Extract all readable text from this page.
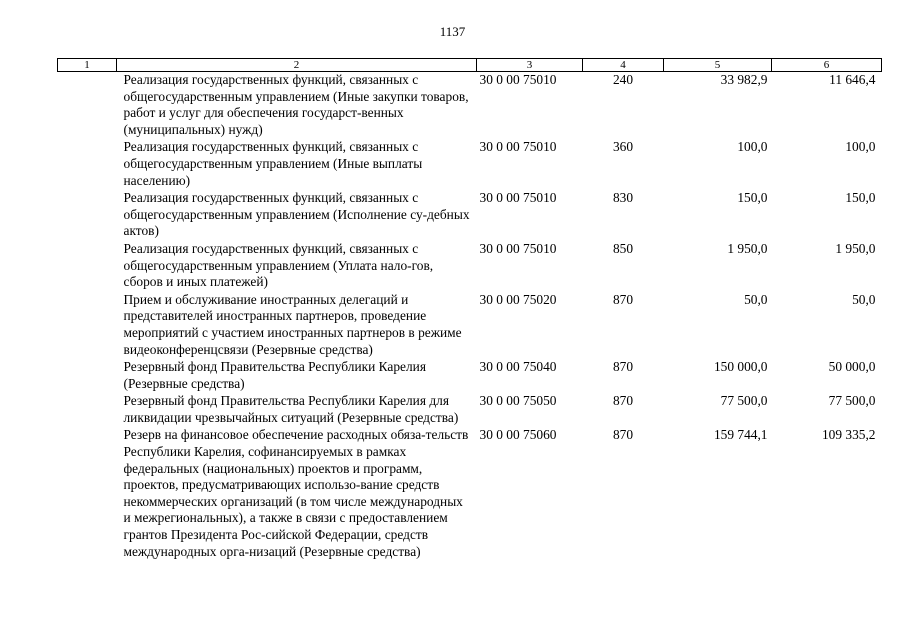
1137
1	2	3	4	5	6
	Реализация государственных функций, связанных с общегосударственным управлением (Иные закупки товаров, работ и услуг для обеспечения государст-венных (муниципальных) нужд)	30 0 00 75010	240	33 982,9	11 646,4
	Реализация государственных функций, связанных с общегосударственным управлением (Иные выплаты населению)	30 0 00 75010	360	100,0	100,0
	Реализация государственных функций, связанных с общегосударственным управлением (Исполнение су-дебных актов)	30 0 00 75010	830	150,0	150,0
	Реализация государственных функций, связанных с общегосударственным управлением (Уплата нало-гов, сборов и иных платежей)	30 0 00 75010	850	1 950,0	1 950,0
	Прием и обслуживание иностранных делегаций и представителей иностранных партнеров, проведение мероприятий с участием иностранных партнеров в режиме видеоконференцсвязи (Резервные средства)	30 0 00 75020	870	50,0	50,0
	Резервный фонд Правительства Республики Карелия (Резервные средства)	30 0 00 75040	870	150 000,0	50 000,0
	Резервный фонд Правительства Республики Карелия для ликвидации чрезвычайных ситуаций (Резервные средства)	30 0 00 75050	870	77 500,0	77 500,0
	Резерв на финансовое обеспечение расходных обяза-тельств Республики Карелия, софинансируемых в рамках федеральных (национальных) проектов и программ, проектов, предусматривающих использо-вание средств некоммерческих организаций (в том числе международных и межрегиональных), а также в связи с предоставлением грантов Президента Рос-сийской Федерации, средств международных орга-низаций (Резервные средства)	30 0 00 75060	870	159 744,1	109 335,2
